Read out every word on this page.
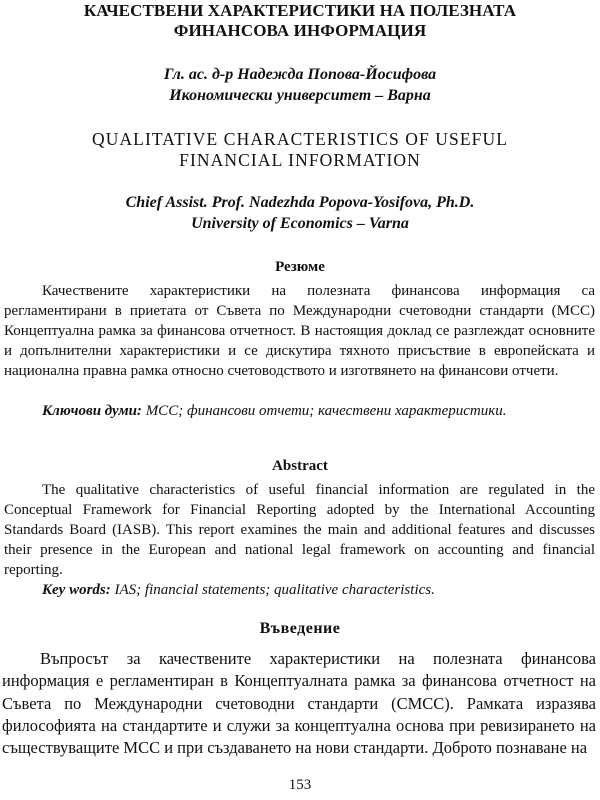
КАЧЕСТВЕНИ ХАРАКТЕРИСТИКИ НА ПОЛЕЗНАТА
ФИНАНСОВА ИНФОРМАЦИЯ
Гл. ас. д-р Надежда Попова-Йосифова
Икономически университет – Варна
QUALITATIVE CHARACTERISTICS OF USEFUL
FINANCIAL INFORMATION
Chief Assist. Prof. Nadezhda Popova-Yosifova, Ph.D.
University of Economics – Varna
Резюме

Качествените характеристики на полезната финансова информация са регламентирани в приетата от Съвета по Международни счетоводни стандарти (МСС) Концептуална рамка за финансова отчетност. В настоящия доклад се разглеждат основните и допълнителни характеристики и се дискутира тяхното присъствие в европейската и национална правна рамка относно счетоводството и изготвянето на финансови отчети.

Ключови думи: МСС; финансови отчети; качествени характеристики.

Abstract

The qualitative characteristics of useful financial information are regulated in the Conceptual Framework for Financial Reporting adopted by the International Accounting Standards Board (IASB). This report examines the main and additional features and discusses their presence in the European and national legal framework on accounting and financial reporting.

Key words: IAS; financial statements; qualitative characteristics.

Въведение

Въпросът за качествените характеристики на полезната финансова информация е регламентиран в Концептуалната рамка за финансова отчетност на Съвета по Международни счетоводни стандарти (СМСС). Рамката изразява философията на стандартите и служи за концептуална основа при ревизирането на съществуващите МСС и при създаването на нови стандарти. Доброто познаване на

153
